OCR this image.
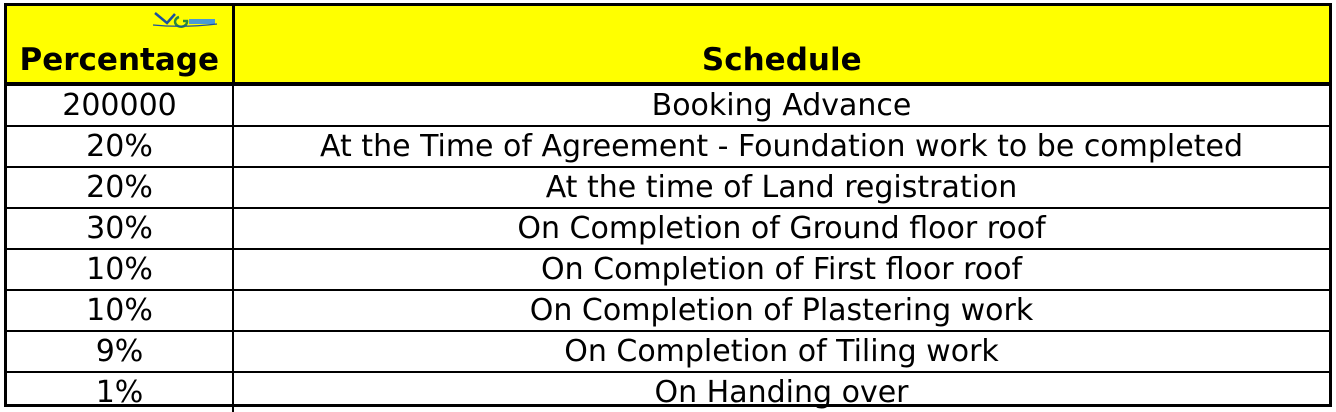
Percentage	Schedule
200000	Booking Advance
20%	At the Time of Agreement - Foundation work to be completed
20%	At the time of Land registration
30%	On Completion of Ground floor roof
10%	On Completion of First floor roof
10%	On Completion of Plastering work
9%	On Completion of Tiling work
1%	On Handing over
